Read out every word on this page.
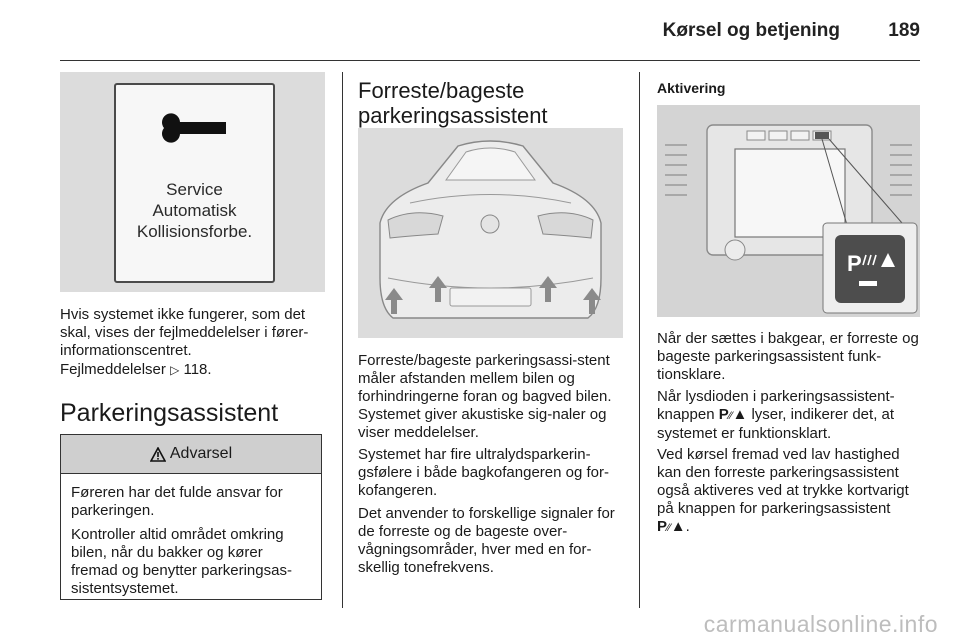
Kørsel og betjening	189
Service
Automatisk
Kollisionsforbe.

Hvis systemet ikke fungerer, som det skal, vises der fejlmeddelelser i fører-informationscentret.

Fejlmeddelelser ▷ 118.

Parkeringsassistent
Advarsel

Føreren har det fulde ansvar for parkeringen.

Kontroller altid området omkring bilen, når du bakker og kører fremad og benytter parkeringsas-sistentsystemet.

Forreste/bageste
parkeringsassistent

Forreste/bageste parkeringsassi-stent måler afstanden mellem bilen og forhindringerne foran og bagved bilen. Systemet giver akustiske sig-naler og viser meddelelser.

Systemet har fire ultralydsparkerin-gsfølere i både bagkofangeren og for-kofangeren.

Det anvender to forskellige signaler for de forreste og de bageste over-vågningsområder, hver med en for-skellig tonefrekvens.

Aktivering
P

Når der sættes i bakgear, er forreste og bageste parkeringsassistent funk-tionsklare.

Når lysdioden i parkeringsassistent-knappen P⁄⁄▲ lyser, indikerer det, at systemet er funktionsklart.

Ved kørsel fremad ved lav hastighed kan den forreste parkeringsassistent også aktiveres ved at trykke kortvarigt på knappen for parkeringsassistent P⁄⁄▲.

carmanualsonline.info
